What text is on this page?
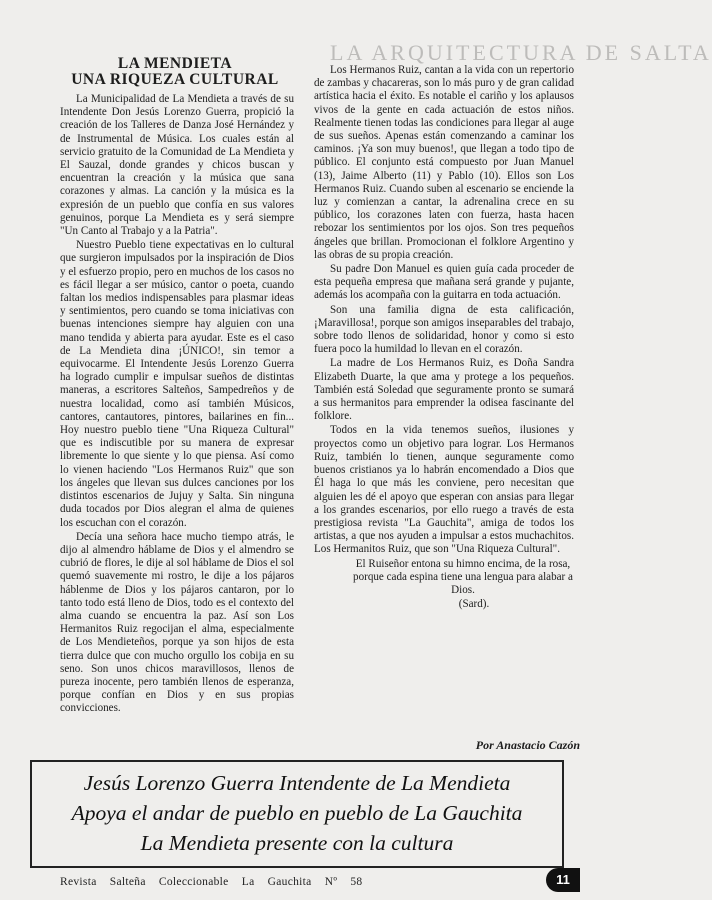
LA ARQUITECTURA DE SALTA
LA MENDIETA
UNA RIQUEZA CULTURAL

La Municipalidad de La Mendieta a través de su Intendente Don Jesús Lorenzo Guerra, propició la creación de los Talleres de Danza José Hernández y de Instrumental de Música. Los cuales están al servicio gratuito de la Comunidad de La Mendieta y El Sauzal, donde grandes y chicos buscan y encuentran la creación y la música que sana corazones y almas. La canción y la música es la expresión de un pueblo que confía en sus valores genuinos, porque La Mendieta es y será siempre "Un Canto al Trabajo y a la Patria".

Nuestro Pueblo tiene expectativas en lo cultural que surgieron impulsados por la inspiración de Dios y el esfuerzo propio, pero en muchos de los casos no es fácil llegar a ser músico, cantor o poeta, cuando faltan los medios indispensables para plasmar ideas y sentimientos, pero cuando se toma iniciativas con buenas intenciones siempre hay alguien con una mano tendida y abierta para ayudar. Este es el caso de La Mendieta dina ¡ÚNICO!, sin temor a equivocarme. El Intendente Jesús Lorenzo Guerra ha logrado cumplir e impulsar sueños de distintas maneras, a escritores Salteños, Sampedreños y de nuestra localidad, como así también Músicos, cantores, cantautores, pintores, bailarines en fin... Hoy nuestro pueblo tiene "Una Riqueza Cultural" que es indiscutible por su manera de expresar libremente lo que siente y lo que piensa. Así como lo vienen haciendo "Los Hermanos Ruiz" que son los ángeles que llevan sus dulces canciones por los distintos escenarios de Jujuy y Salta. Sin ninguna duda tocados por Dios alegran el alma de quienes los escuchan con el corazón.

Decía una señora hace mucho tiempo atrás, le dijo al almendro háblame de Dios y el almendro se cubrió de flores, le dije al sol háblame de Dios el sol quemó suavemente mi rostro, le dije a los pájaros háblenme de Dios y los pájaros cantaron, por lo tanto todo está lleno de Dios, todo es el contexto del alma cuando se encuentra la paz. Así son Los Hermanitos Ruiz regocijan el alma, especialmente de Los Mendieteños, porque ya son hijos de esta tierra dulce que con mucho orgullo los cobija en su seno. Son unos chicos maravillosos, llenos de pureza inocente, pero también llenos de esperanza, porque confían en Dios y en sus propias convicciones.

Los Hermanos Ruiz, cantan a la vida con un repertorio de zambas y chacareras, son lo más puro y de gran calidad artística hacia el éxito. Es notable el cariño y los aplausos vivos de la gente en cada actuación de estos niños. Realmente tienen todas las condiciones para llegar al auge de sus sueños. Apenas están comenzando a caminar los caminos. ¡Ya son muy buenos!, que llegan a todo tipo de público. El conjunto está compuesto por Juan Manuel (13), Jaime Alberto (11) y Pablo (10). Ellos son Los Hermanos Ruiz. Cuando suben al escenario se enciende la luz y comienzan a cantar, la adrenalina crece en su público, los corazones laten con fuerza, hasta hacen rebozar los sentimientos por los ojos. Son tres pequeños ángeles que brillan. Promocionan el folklore Argentino y las obras de su propia creación.

Su padre Don Manuel es quien guía cada proceder de esta pequeña empresa que mañana será grande y pujante, además los acompaña con la guitarra en toda actuación.

Son una familia digna de esta calificación, ¡Maravillosa!, porque son amigos inseparables del trabajo, sobre todo llenos de solidaridad, honor y como si esto fuera poco la humildad lo llevan en el corazón.

La madre de Los Hermanos Ruiz, es Doña Sandra Elizabeth Duarte, la que ama y protege a los pequeños. También está Soledad que seguramente pronto se sumará a sus hermanitos para emprender la odisea fascinante del folklore.

Todos en la vida tenemos sueños, ilusiones y proyectos como un objetivo para lograr. Los Hermanos Ruiz, también lo tienen, aunque seguramente como buenos cristianos ya lo habrán encomendado a Dios que Él haga lo que más les conviene, pero necesitan que alguien les dé el apoyo que esperan con ansias para llegar a los grandes escenarios, por ello ruego a través de esta prestigiosa revista "La Gauchita", amiga de todos los artistas, a que nos ayuden a impulsar a estos muchachitos. Los Hermanitos Ruiz, que son "Una Riqueza Cultural".

El Ruiseñor entona su himno encima, de la rosa, porque cada espina tiene una lengua para alabar a Dios.

(Sard).

Por Anastacio Cazón
Jesús Lorenzo Guerra Intendente de La Mendieta
Apoya el andar de pueblo en pueblo de La Gauchita
La Mendieta presente con la cultura
Revista Salteña Coleccionable La Gauchita Nº 58	11
